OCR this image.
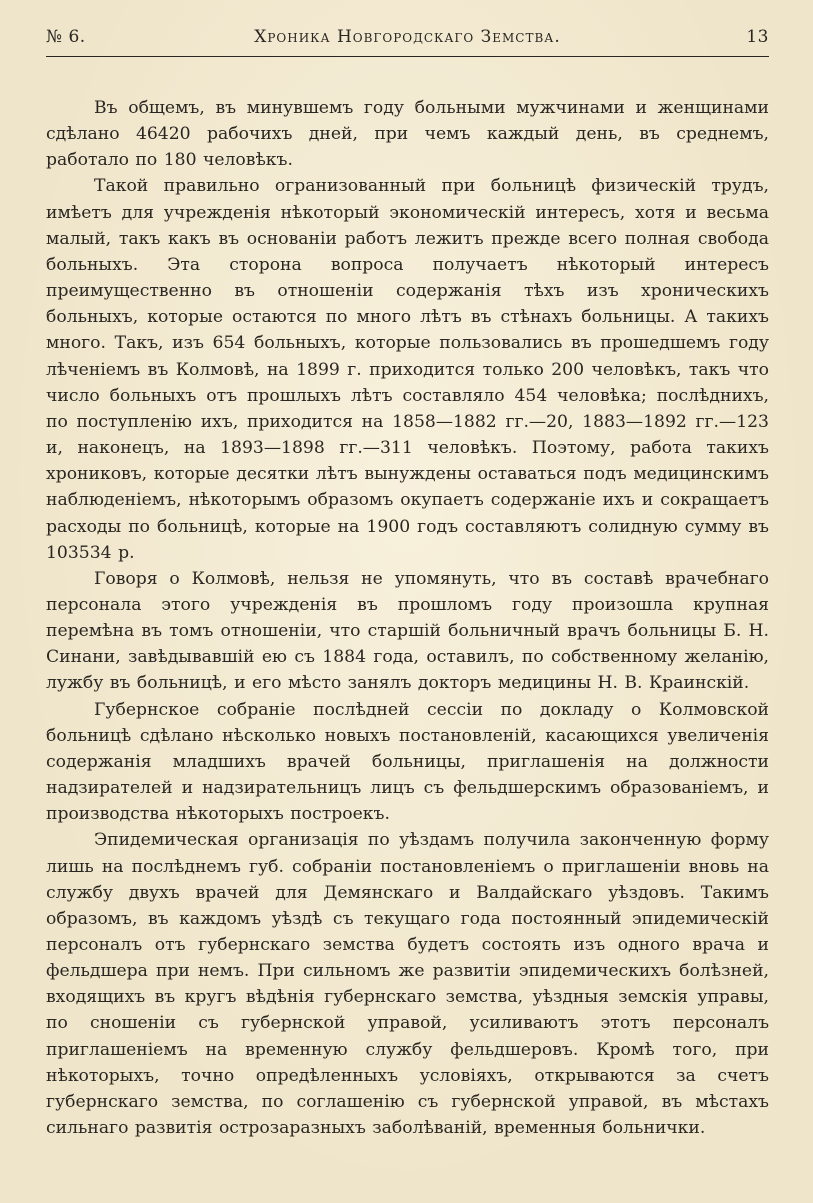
№ 6.	Хроника Новгородскаго Земства.	13

Въ общемъ, въ минувшемъ году больными мужчинами и женщинами сдѣлано 46420 рабочихъ дней, при чемъ каждый день, въ среднемъ, работало по 180 человѣкъ.

Такой правильно огранизованный при больницѣ физическій трудъ, имѣетъ для учрежденія нѣкоторый экономическій интересъ, хотя и весьма малый, такъ какъ въ основаніи работъ лежитъ прежде всего полная свобода больныхъ. Эта сторона вопроса получаетъ нѣкоторый интересъ преимущественно въ отношеніи содержанія тѣхъ изъ хроническихъ больныхъ, которые остаются по много лѣтъ въ стѣнахъ больницы. А такихъ много. Такъ, изъ 654 больныхъ, которые пользовались въ прошедшемъ году лѣченіемъ въ Колмовѣ, на 1899 г. приходится только 200 человѣкъ, такъ что число больныхъ отъ прошлыхъ лѣтъ составляло 454 человѣка; послѣднихъ, по поступленію ихъ, приходится на 1858—1882 гг.—20, 1883—1892 гг.—123 и, наконецъ, на 1893—1898 гг.—311 человѣкъ. Поэтому, работа такихъ хрониковъ, которые десятки лѣтъ вынуждены оставаться подъ медицинскимъ наблюденіемъ, нѣкоторымъ образомъ окупаетъ содержаніе ихъ и сокращаетъ расходы по больницѣ, которые на 1900 годъ составляютъ солидную сумму въ 103534 р.

Говоря о Колмовѣ, нельзя не упомянуть, что въ составѣ врачебнаго персонала этого учрежденія въ прошломъ году произошла крупная перемѣна въ томъ отношеніи, что старшій больничный врачъ больницы Б. Н. Синани, завѣдывавшій ею съ 1884 года, оставилъ, по собственному желанію, лужбу въ больницѣ, и его мѣсто занялъ докторъ медицины Н. В. Краинскій.

Губернское собраніе послѣдней сессіи по докладу о Колмовской больницѣ сдѣлано нѣсколько новыхъ постановленій, касающихся увеличенія содержанія младшихъ врачей больницы, приглашенія на должности надзирателей и надзирательницъ лицъ съ фельдшерскимъ образованіемъ, и производства нѣкоторыхъ построекъ.

Эпидемическая организація по уѣздамъ получила законченную форму лишь на послѣднемъ губ. собраніи постановленіемъ о приглашеніи вновь на службу двухъ врачей для Демянскаго и Валдайскаго уѣздовъ. Такимъ образомъ, въ каждомъ уѣздѣ съ текущаго года постоянный эпидемическій персоналъ отъ губернскаго земства будетъ состоять изъ одного врача и фельдшера при немъ. При сильномъ же развитіи эпидемическихъ болѣзней, входящихъ въ кругъ вѣдѣнія губернскаго земства, уѣздныя земскія управы, по сношеніи съ губернской управой, усиливаютъ этотъ персоналъ приглашеніемъ на временную службу фельдшеровъ. Кромѣ того, при нѣкоторыхъ, точно опредѣленныхъ условіяхъ, открываются за счетъ губернскаго земства, по соглашенію съ губернской управой, въ мѣстахъ сильнаго развитія острозаразныхъ заболѣваній, временныя больнички.
